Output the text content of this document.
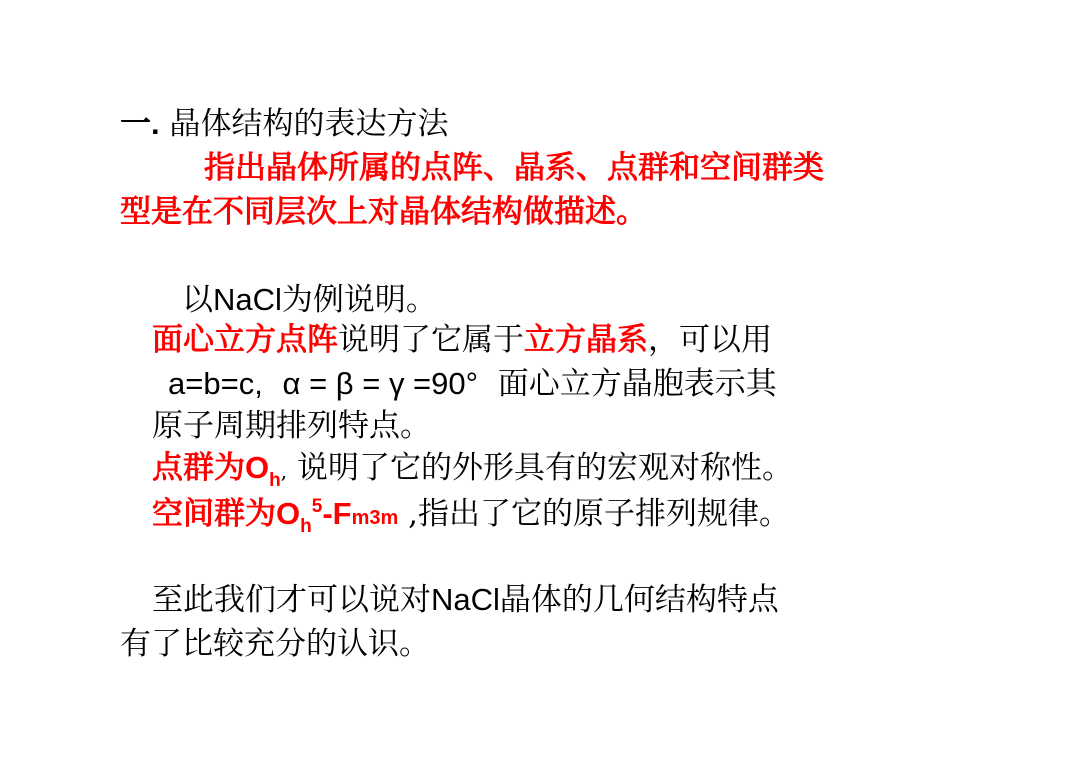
一. 晶体结构的表达方法
指出晶体所属的点阵、晶系、点群和空间群类
型是在不同层次上对晶体结构做描述。
以NaCl为例说明。
面心立方点阵说明了它属于立方晶系，可以用
a=b=c, α = β = γ =90° 面心立方晶胞表示其
原子周期排列特点。
点群为$O_h$, 说明了它的外形具有的宏观对称性。
空间群为$O_h^5-Fm3m$ ,指出了它的原子排列规律。
至此我们才可以说对NaCl晶体的几何结构特点
有了比较充分的认识。
